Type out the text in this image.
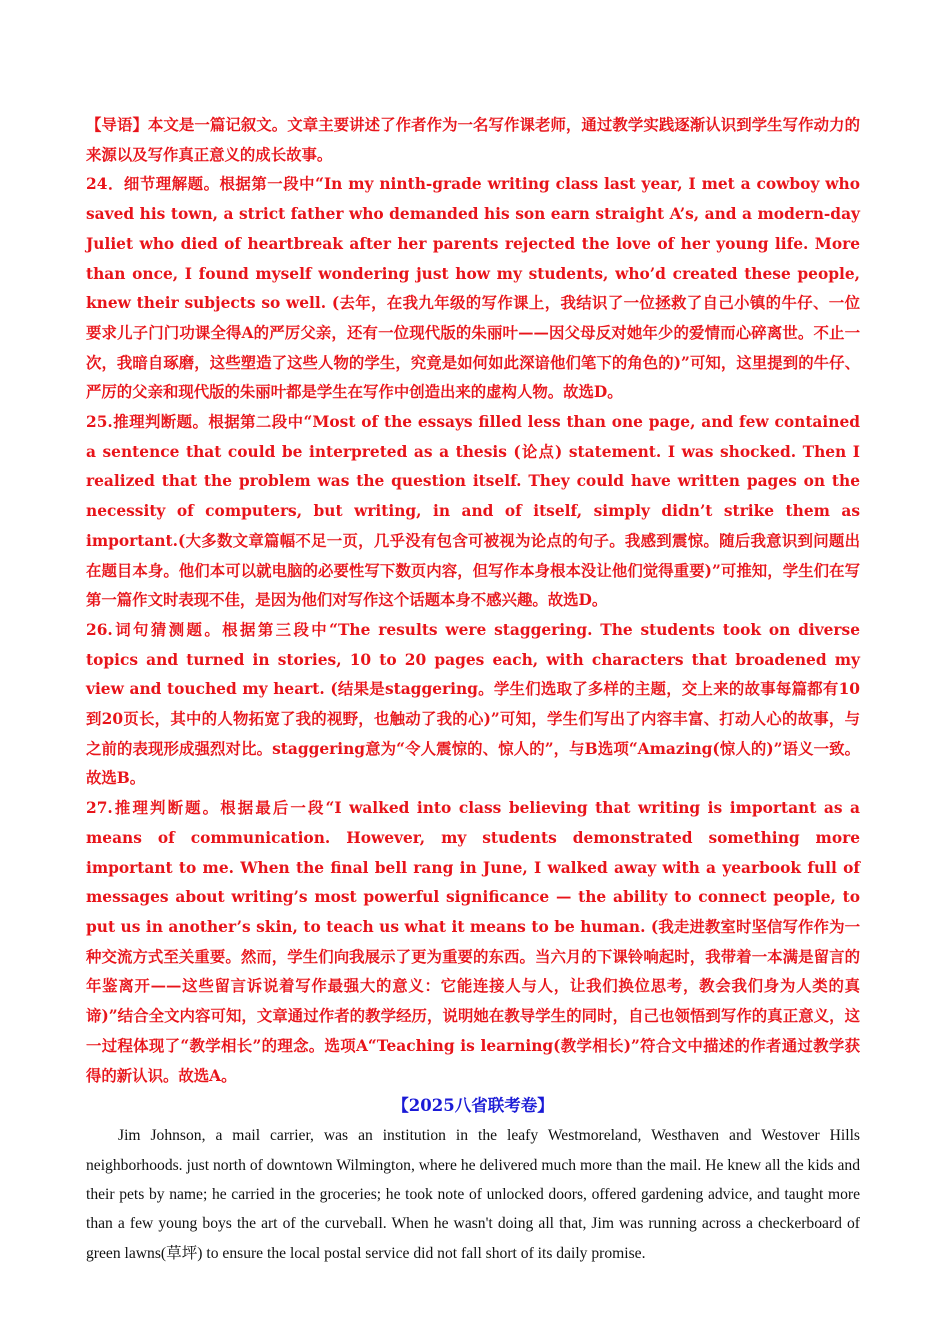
【导语】本文是一篇记叙文。文章主要讲述了作者作为一名写作课老师，通过教学实践逐渐认识到学生写作动力的来源以及写作真正意义的成长故事。

24．细节理解题。根据第一段中“In my ninth-grade writing class last year, I met a cowboy who saved his town, a strict father who demanded his son earn straight A’s, and a modern-day Juliet who died of heartbreak after her parents rejected the love of her young life. More than once, I found myself wondering just how my students, who’d created these people, knew their subjects so well. (去年，在我九年级的写作课上，我结识了一位拯救了自己小镇的牛仔、一位要求儿子门门功课全得A的严厉父亲，还有一位现代版的朱丽叶——因父母反对她年少的爱情而心碎离世。不止一次，我暗自琢磨，这些塑造了这些人物的学生，究竟是如何如此深谙他们笔下的角色的)”可知，这里提到的牛仔、严厉的父亲和现代版的朱丽叶都是学生在写作中创造出来的虚构人物。故选D。

25.推理判断题。根据第二段中“Most of the essays filled less than one page, and few contained a sentence that could be interpreted as a thesis (论点) statement. I was shocked. Then I realized that the problem was the question itself. They could have written pages on the necessity of computers, but writing, in and of itself, simply didn’t strike them as important.(大多数文章篇幅不足一页，几乎没有包含可被视为论点的句子。我感到震惊。随后我意识到问题出在题目本身。他们本可以就电脑的必要性写下数页内容，但写作本身根本没让他们觉得重要)”可推知，学生们在写第一篇作文时表现不佳，是因为他们对写作这个话题本身不感兴趣。故选D。

26.词句猜测题。根据第三段中“The results were staggering. The students took on diverse topics and turned in stories, 10 to 20 pages each, with characters that broadened my view and touched my heart. (结果是staggering。学生们选取了多样的主题，交上来的故事每篇都有10到20页长，其中的人物拓宽了我的视野，也触动了我的心)”可知，学生们写出了内容丰富、打动人心的故事，与之前的表现形成强烈对比。staggering意为“令人震惊的、惊人的”，与B选项“Amazing(惊人的)”语义一致。故选B。

27.推理判断题。根据最后一段“I walked into class believing that writing is important as a means of communication. However, my students demonstrated something more important to me. When the final bell rang in June, I walked away with a yearbook full of messages about writing’s most powerful significance — the ability to connect people, to put us in another’s skin, to teach us what it means to be human. (我走进教室时坚信写作作为一种交流方式至关重要。然而，学生们向我展示了更为重要的东西。当六月的下课铃响起时，我带着一本满是留言的年鉴离开——这些留言诉说着写作最强大的意义：它能连接人与人，让我们换位思考，教会我们身为人类的真谛)”结合全文内容可知，文章通过作者的教学经历，说明她在教导学生的同时，自己也领悟到写作的真正意义，这一过程体现了“教学相长”的理念。选项A“Teaching is learning(教学相长)”符合文中描述的作者通过教学获得的新认识。故选A。

【2025八省联考卷】

Jim Johnson, a mail carrier, was an institution in the leafy Westmoreland, Westhaven and Westover Hills neighborhoods. just north of downtown Wilmington, where he delivered much more than the mail. He knew all the kids and their pets by name; he carried in the groceries; he took note of unlocked doors, offered gardening advice, and taught more than a few young boys the art of the curveball. When he wasn't doing all that, Jim was running across a checkerboard of green lawns(草坪) to ensure the local postal service did not fall short of its daily promise.
